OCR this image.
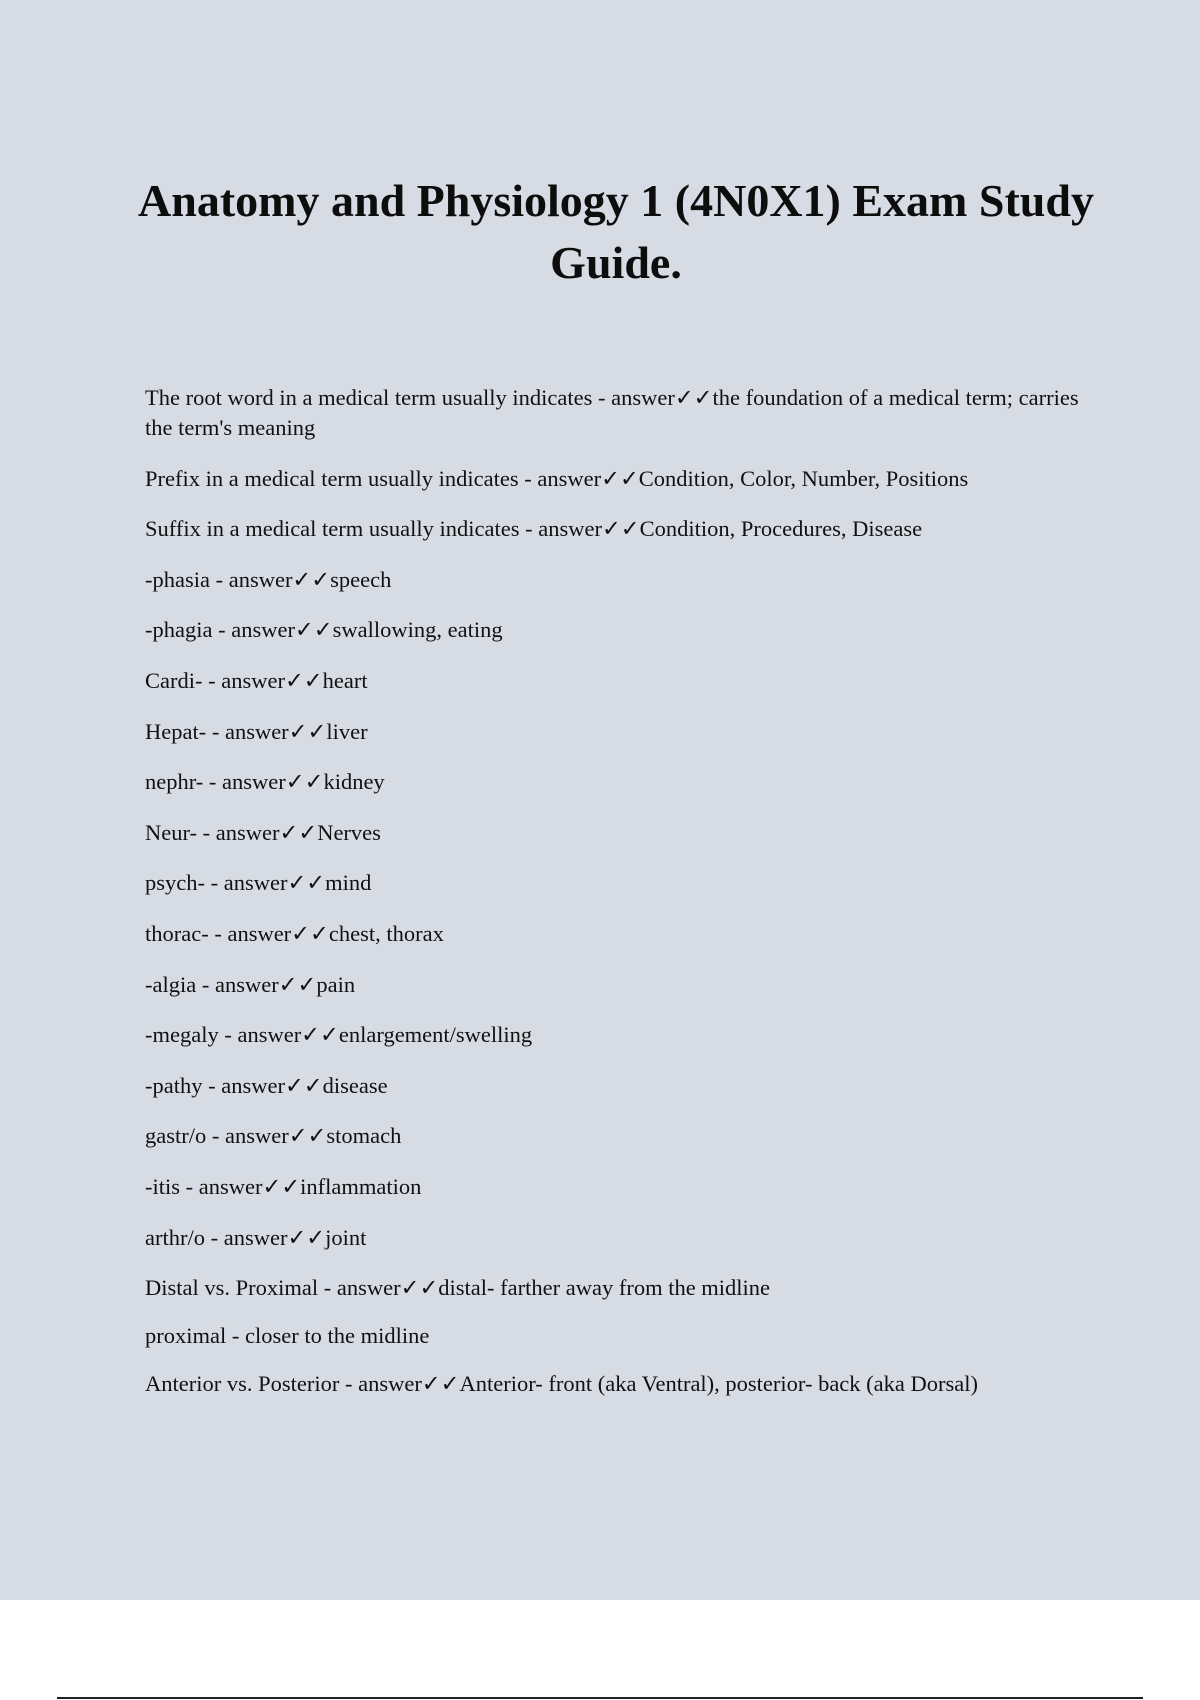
Anatomy and Physiology 1 (4N0X1) Exam Study Guide.
The root word in a medical term usually indicates - answer✓✓the foundation of a medical term; carries the term's meaning
Prefix in a medical term usually indicates - answer✓✓Condition, Color, Number, Positions
Suffix in a medical term usually indicates - answer✓✓Condition, Procedures, Disease
-phasia - answer✓✓speech
-phagia - answer✓✓swallowing, eating
Cardi- - answer✓✓heart
Hepat- - answer✓✓liver
nephr- - answer✓✓kidney
Neur- - answer✓✓Nerves
psych- - answer✓✓mind
thorac- - answer✓✓chest, thorax
-algia - answer✓✓pain
-megaly - answer✓✓enlargement/swelling
-pathy - answer✓✓disease
gastr/o - answer✓✓stomach
-itis - answer✓✓inflammation
arthr/o - answer✓✓joint
Distal vs. Proximal - answer✓✓distal- farther away from the midline
proximal - closer to the midline
Anterior vs. Posterior - answer✓✓Anterior- front (aka Ventral), posterior- back (aka Dorsal)
